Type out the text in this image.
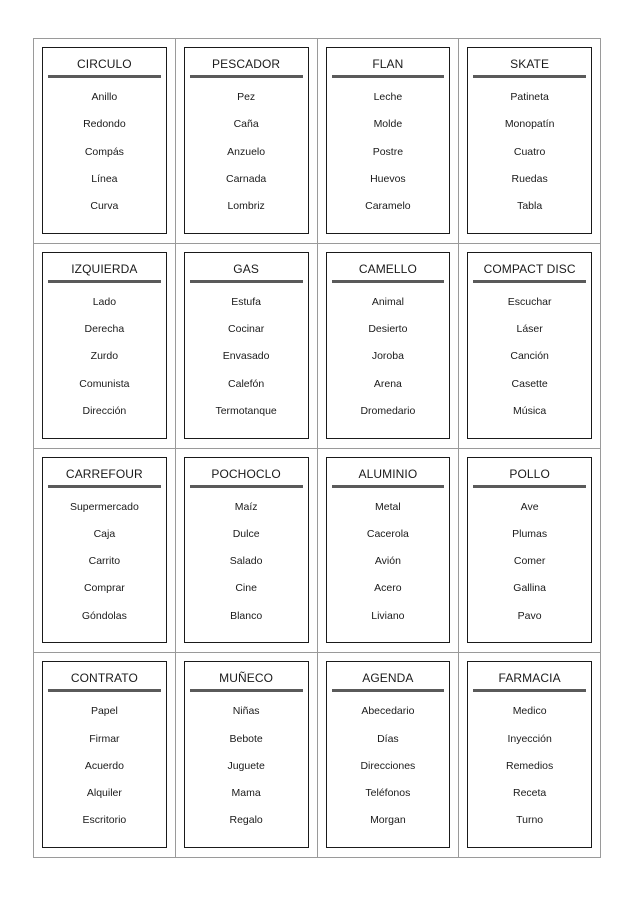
CIRCULO
Anillo
Redondo
Compás
Línea
Curva
PESCADOR
Pez
Caña
Anzuelo
Carnada
Lombriz
FLAN
Leche
Molde
Postre
Huevos
Caramelo
SKATE
Patineta
Monopatín
Cuatro
Ruedas
Tabla
IZQUIERDA
Lado
Derecha
Zurdo
Comunista
Dirección
GAS
Estufa
Cocinar
Envasado
Calefón
Termotanque
CAMELLO
Animal
Desierto
Joroba
Arena
Dromedario
COMPACT DISC
Escuchar
Láser
Canción
Casette
Música
CARREFOUR
Supermercado
Caja
Carrito
Comprar
Góndolas
POCHOCLO
Maíz
Dulce
Salado
Cine
Blanco
ALUMINIO
Metal
Cacerola
Avión
Acero
Liviano
POLLO
Ave
Plumas
Comer
Gallina
Pavo
CONTRATO
Papel
Firmar
Acuerdo
Alquiler
Escritorio
MUÑECO
Niñas
Bebote
Juguete
Mama
Regalo
AGENDA
Abecedario
Días
Direcciones
Teléfonos
Morgan
FARMACIA
Medico
Inyección
Remedios
Receta
Turno
